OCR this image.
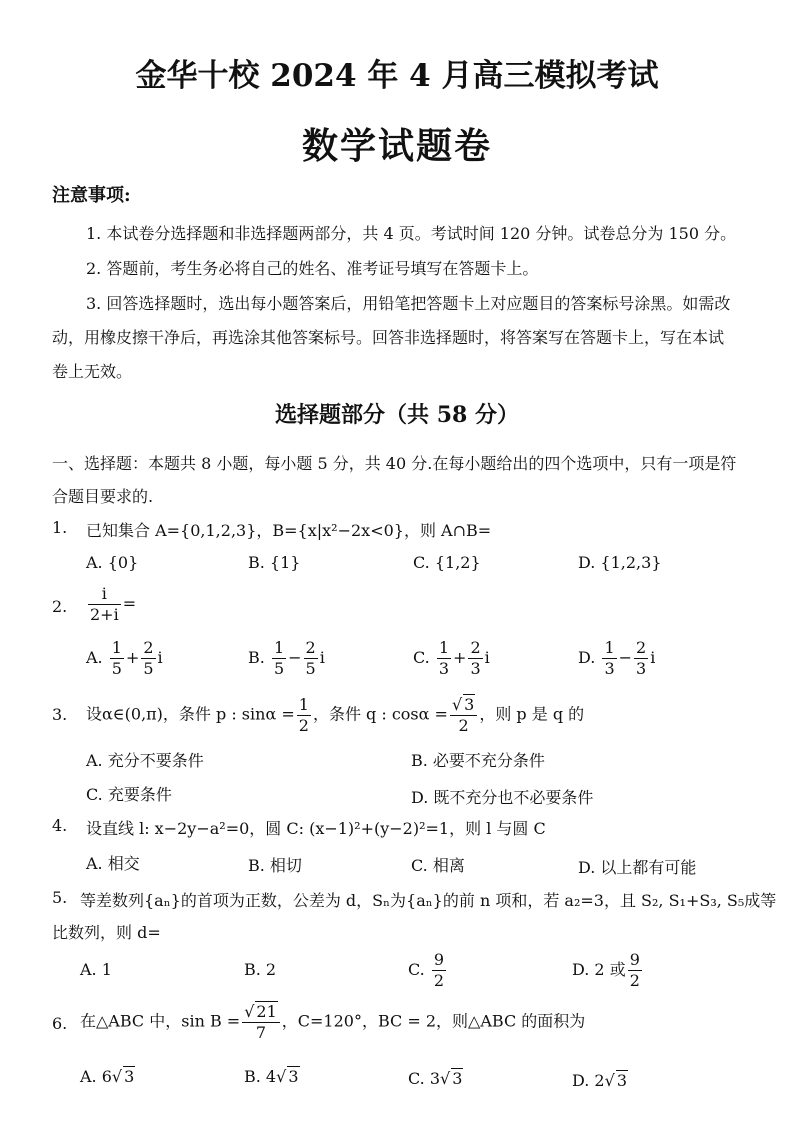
金华十校 2024 年 4 月高三模拟考试
数学试题卷
注意事项:
1. 本试卷分选择题和非选择题两部分，共 4 页。考试时间 120 分钟。试卷总分为 150 分。
2. 答题前，考生务必将自己的姓名、准考证号填写在答题卡上。
3. 回答选择题时，选出每小题答案后，用铅笔把答题卡上对应题目的答案标号涂黑。如需改
动，用橡皮擦干净后，再选涂其他答案标号。回答非选择题时，将答案写在答题卡上，写在本试
卷上无效。
选择题部分（共 58 分）
一、选择题：本题共 8 小题，每小题 5 分，共 40 分.在每小题给出的四个选项中，只有一项是符
合题目要求的.
1. 已知集合 A={0,1,2,3}，B={x|x²−2x<0}，则 A∩B=
A. {0}	B. {1}	C. {1,2}	D. {1,2,3}
2. $\frac{i}{2+i}$ =
A. $\frac{1}{5} + \frac{2}{5}$ i	B. $\frac{1}{5} - \frac{2}{5}$ i	C. $\frac{1}{3} + \frac{2}{3}$ i	D. $\frac{1}{3} - \frac{2}{3}$ i
3. 设α∈(0,π)，条件 p : $\sin\alpha = \frac{1}{2}$ ，条件 q : $\cos\alpha = \frac{√ 3}{2}$ ，则 p 是 q 的
A. 充分不要条件	B. 必要不充分条件
C. 充要条件	D. 既不充分也不必要条件
4. 设直线 l: x−2y−a²=0，圆 C: (x−1)²+(y−2)²=1，则 l 与圆 C
A. 相交	B. 相切	C. 相离	D. 以上都有可能
5. 等差数列{aₙ}的首项为正数，公差为 d，Sₙ为{aₙ}的前 n 项和，若 a₂=3，且 S₂, S₁+S₃, S₅成等
比数列，则 d=
A. 1	B. 2	C. $\frac{9}{2}$	D. 2 或 $\frac{9}{2}$
6. 在△ABC 中，$\sin B = \frac{√ 21}{7}$ ，C=120°，BC = 2，则△ABC 的面积为
A. 6√ 3	B. 4√ 3	C. 3√ 3	D. 2√ 3
